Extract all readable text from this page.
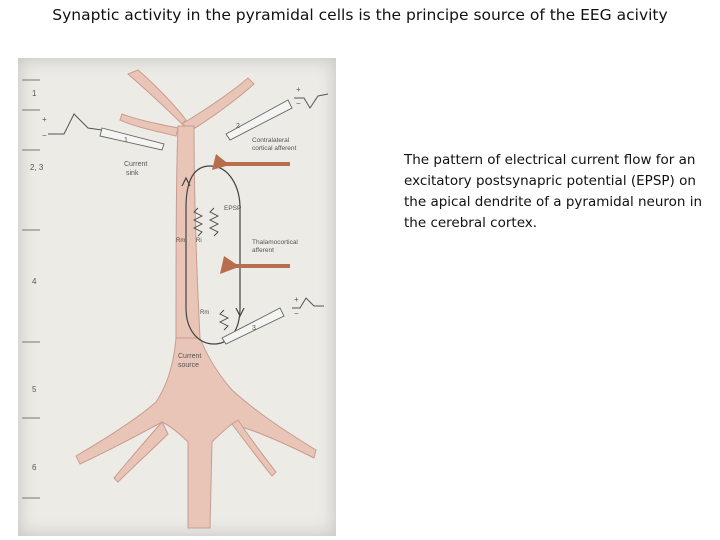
Synaptic activity in the pyramidal cells is the principe source of the EEG acivity
1
2, 3
4
5
6
Current
sink
Current
source
Contralateral
cortical afferent
Thalamocortical
afferent
EPSP
1
2
3
Rm Ri
Rm
+
−
+
−
+
−
The pattern of electrical current flow for an excitatory postsynapric potential (EPSP) on the apical dendrite of a pyramidal neuron in the cerebral cortex.
